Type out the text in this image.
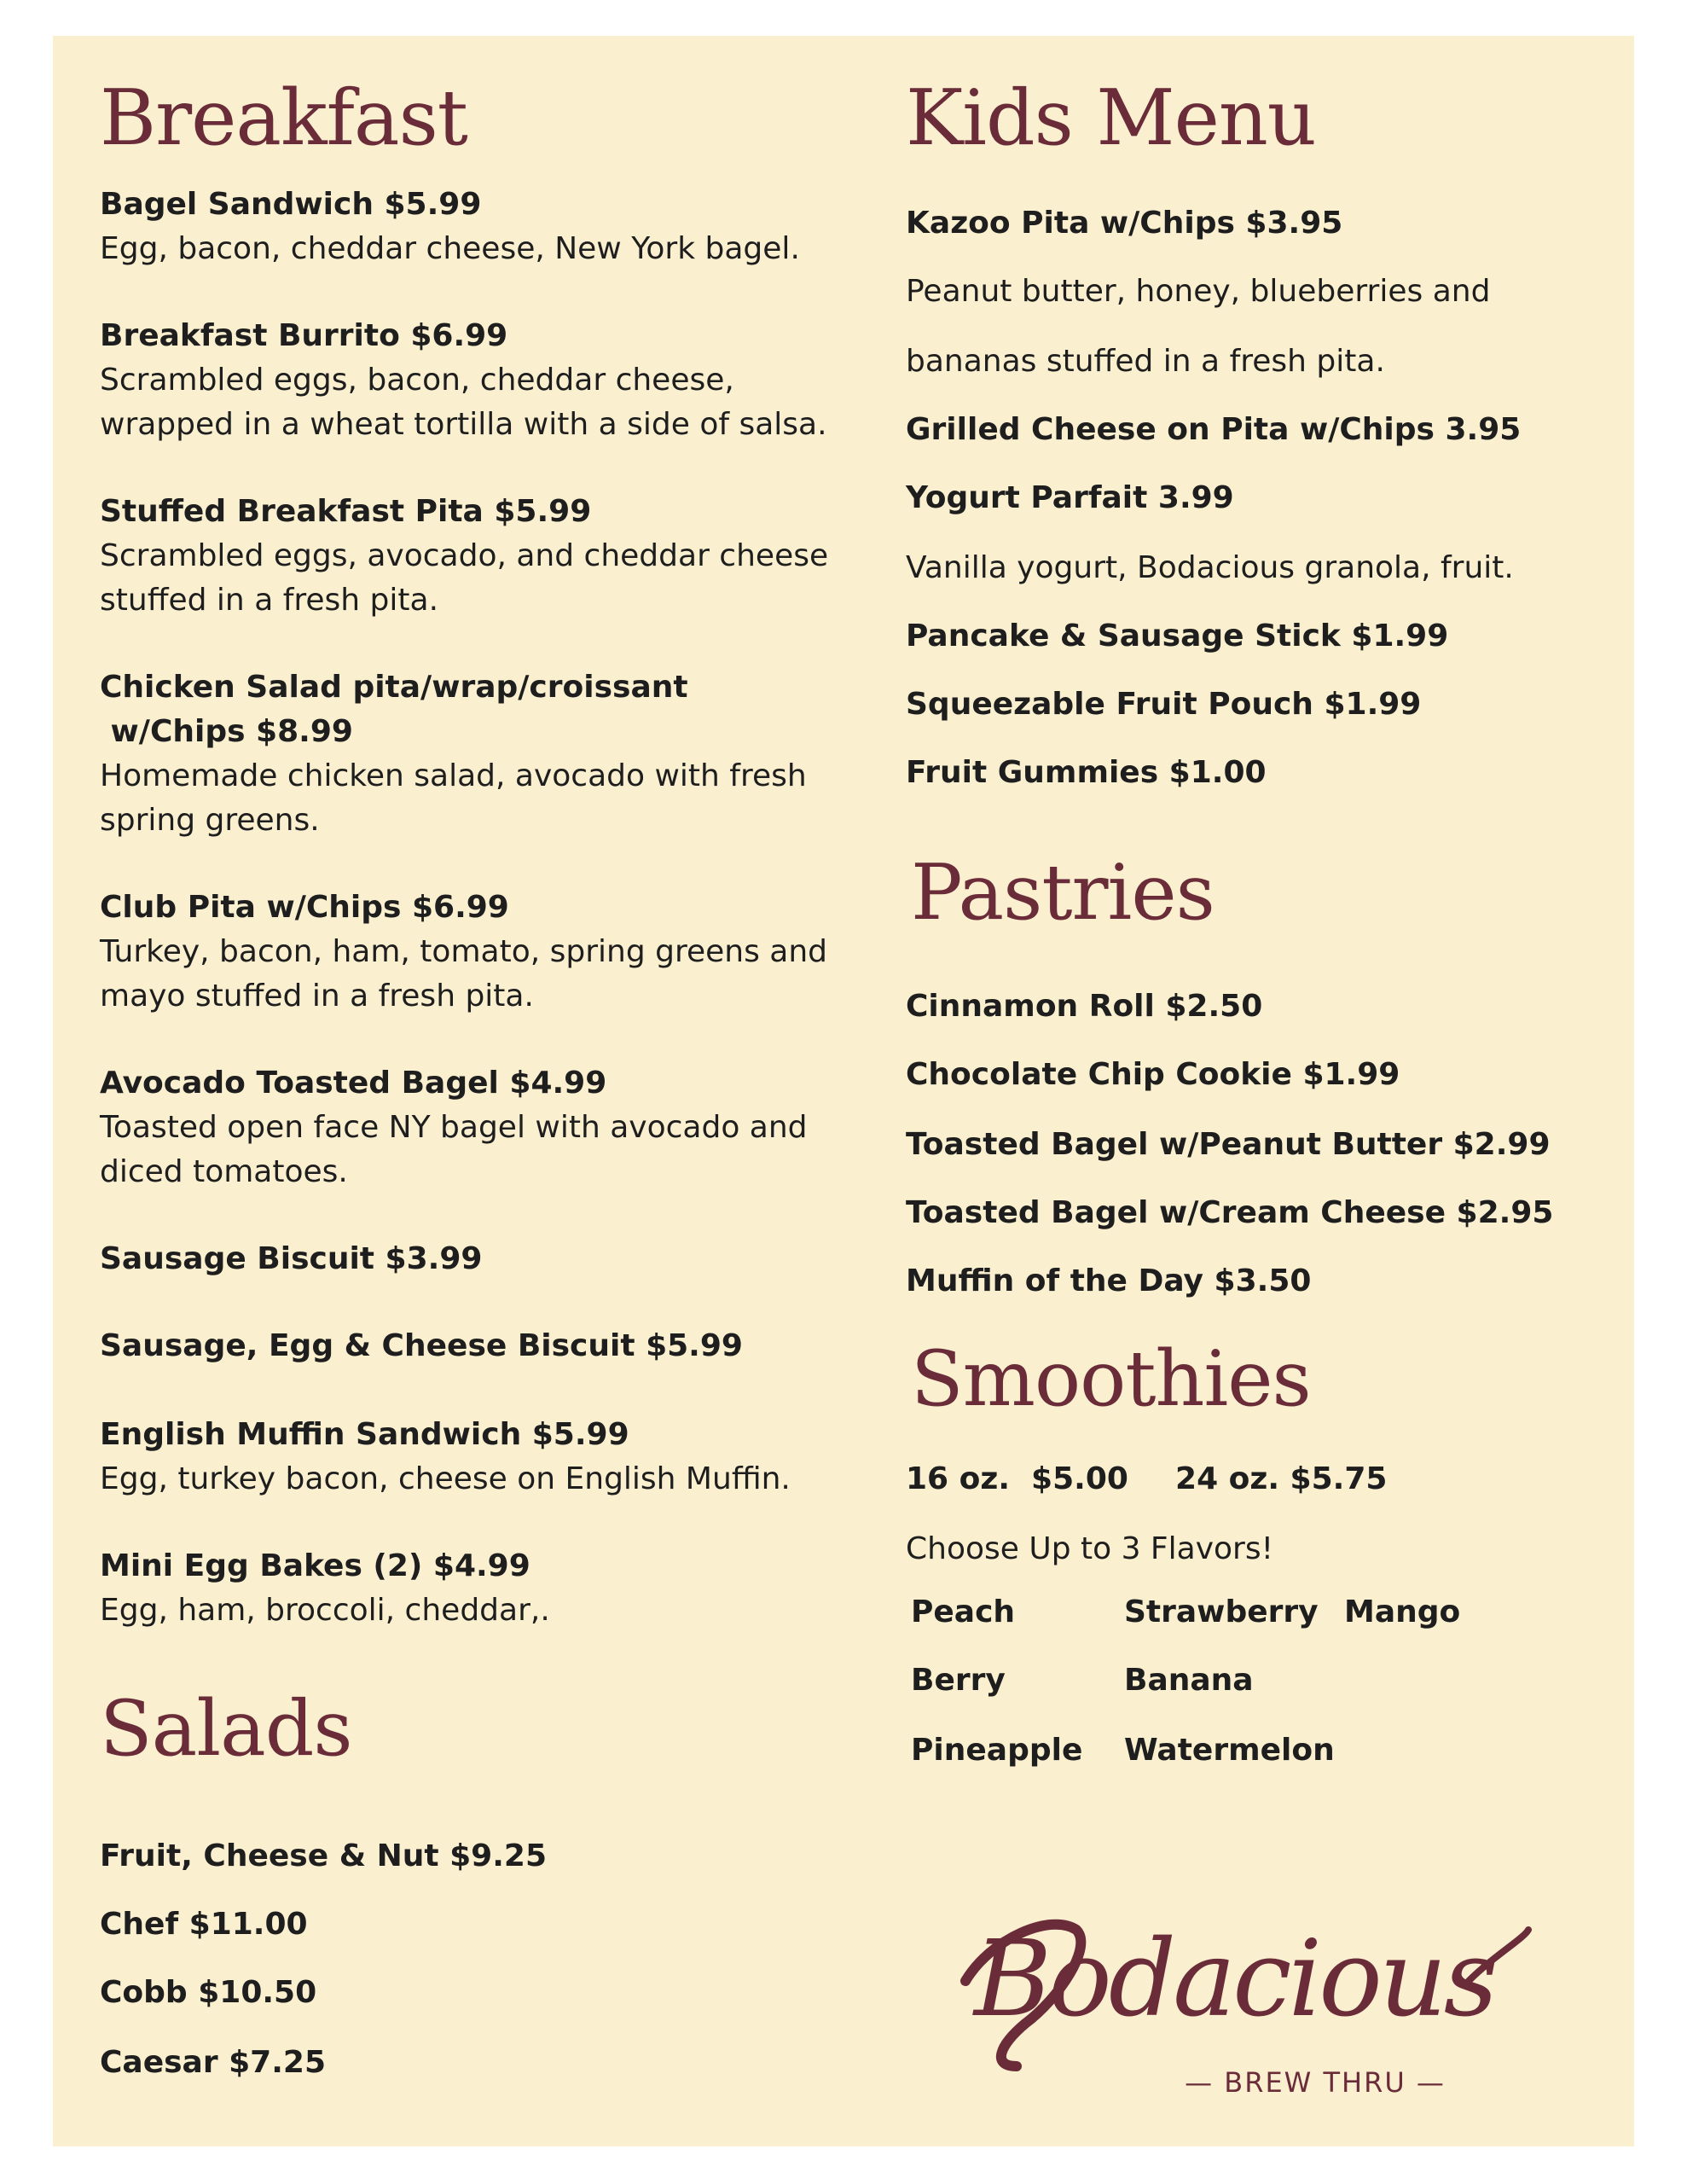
Breakfast

Bagel Sandwich $5.99

Egg, bacon, cheddar cheese, New York bagel.

Breakfast Burrito $6.99

Scrambled eggs, bacon, cheddar cheese,

wrapped in a wheat tortilla with a side of salsa.

Stuffed Breakfast Pita $5.99

Scrambled eggs, avocado, and cheddar cheese

stuffed in a fresh pita.

Chicken Salad pita/wrap/croissant

w/Chips $8.99

Homemade chicken salad, avocado with fresh

spring greens.

Club Pita w/Chips $6.99

Turkey, bacon, ham, tomato, spring greens and

mayo stuffed in a fresh pita.

Avocado Toasted Bagel $4.99

Toasted open face NY bagel with avocado and

diced tomatoes.

Sausage Biscuit $3.99

Sausage, Egg & Cheese Biscuit $5.99

English Muffin Sandwich $5.99

Egg, turkey bacon, cheese on English Muffin.

Mini Egg Bakes (2) $4.99

Egg, ham, broccoli, cheddar,.

Salads

Fruit, Cheese & Nut $9.25

Chef $11.00

Cobb $10.50

Caesar $7.25

Kids Menu

Kazoo Pita w/Chips $3.95

Peanut butter, honey, blueberries and

bananas stuffed in a fresh pita.

Grilled Cheese on Pita w/Chips 3.95

Yogurt Parfait 3.99

Vanilla yogurt, Bodacious granola, fruit.

Pancake & Sausage Stick $1.99

Squeezable Fruit Pouch $1.99

Fruit Gummies $1.00

Pastries

Cinnamon Roll $2.50

Chocolate Chip Cookie $1.99

Toasted Bagel w/Peanut Butter $2.99

Toasted Bagel w/Cream Cheese $2.95

Muffin of the Day $3.50

Smoothies
16 oz.  $5.00 24 oz. $5.75

Choose Up to 3 Flavors!

Peach	Strawberry Mango
Berry	Banana
Pineapple Watermelon
Bodacious
— BREW THRU —
